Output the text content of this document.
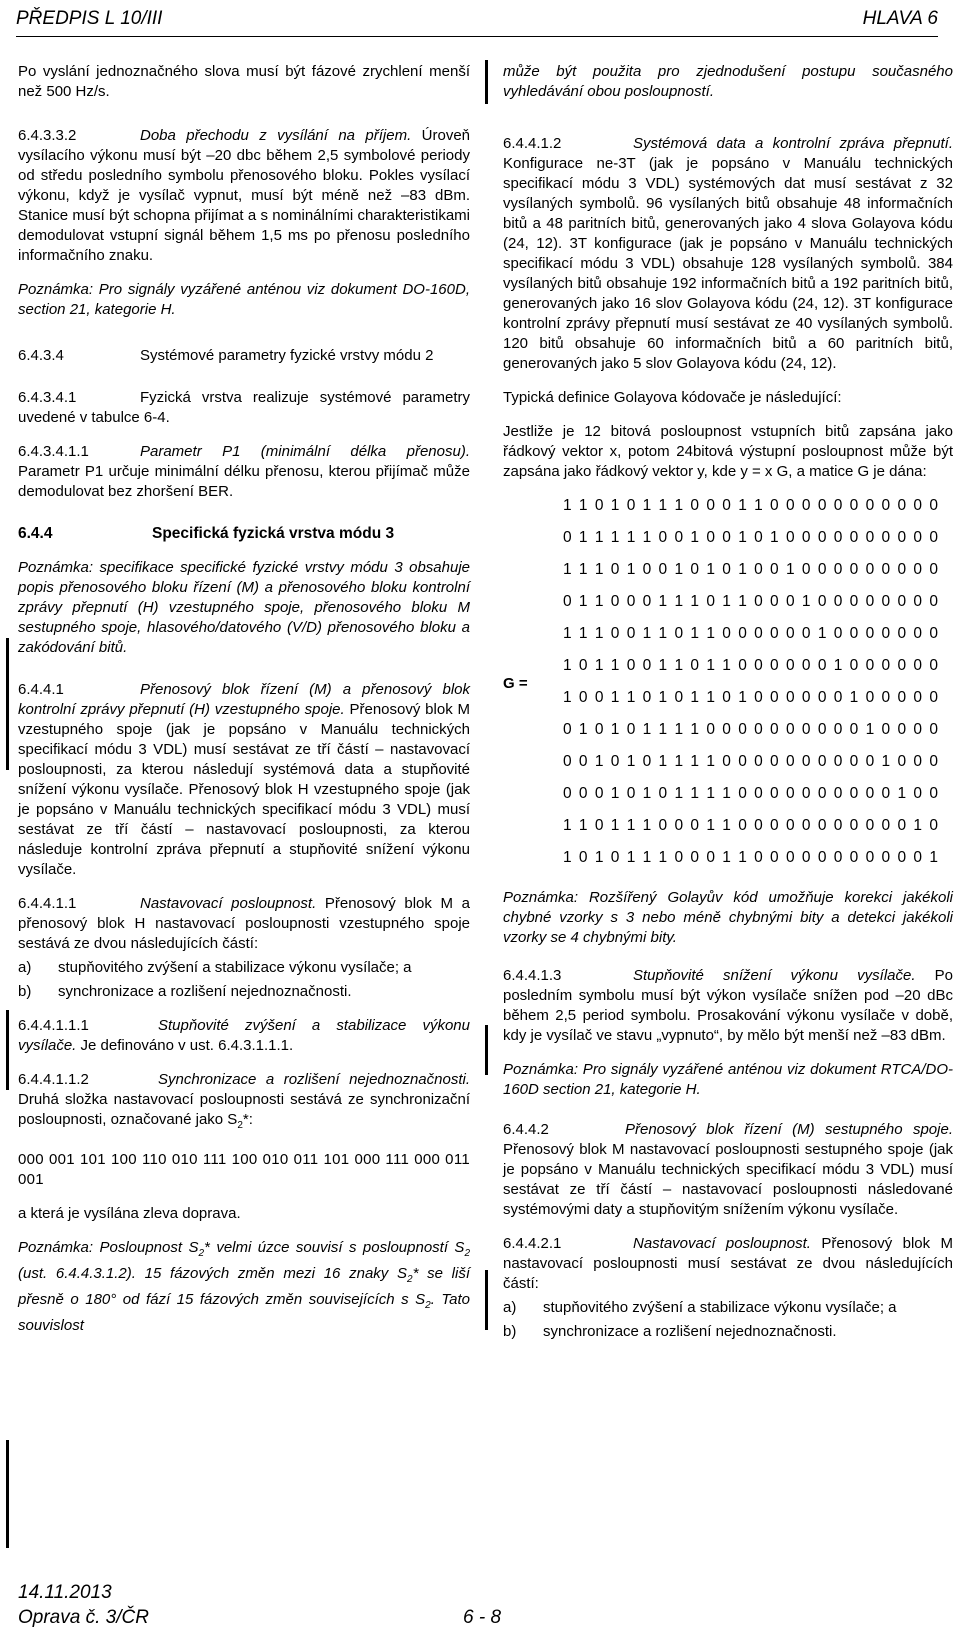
PŘEDPIS L 10/III	HLAVA 6

Po vyslání jednoznačného slova musí být fázové zrychlení menší než 500 Hz/s.

6.4.3.3.2	Doba přechodu z vysílání na příjem. Úroveň vysílacího výkonu musí být –20 dbc během 2,5 symbolové periody od středu posledního symbolu přenosového bloku. Pokles vysílací výkonu, když je vysílač vypnut, musí být méně než –83 dBm. Stanice musí být schopna přijímat a s nominálními charakteristikami demodulovat vstupní signál během 1,5 ms po přenosu posledního informačního znaku.

Poznámka: Pro signály vyzářené anténou viz dokument DO-160D, section 21, kategorie H.

6.4.3.4	Systémové parametry fyzické vrstvy módu 2

6.4.3.4.1	Fyzická vrstva realizuje systémové parametry uvedené v tabulce 6-4.

6.4.3.4.1.1	Parametr P1 (minimální délka přenosu). Parametr P1 určuje minimální délku přenosu, kterou přijímač může demodulovat bez zhoršení BER.

6.4.4	Specifická fyzická vrstva módu 3

Poznámka: specifikace specifické fyzické vrstvy módu 3 obsahuje popis přenosového bloku řízení (M) a přenosového bloku kontrolní zprávy přepnutí (H) vzestupného spoje, přenosového bloku M sestupného spoje, hlasového/datového (V/D) přenosového bloku a zakódování bitů.

6.4.4.1	Přenosový blok řízení (M) a přenosový blok kontrolní zprávy přepnutí (H) vzestupného spoje. Přenosový blok M vzestupného spoje (jak je popsáno v Manuálu technických specifikací módu 3 VDL) musí sestávat ze tří částí – nastavovací posloupnosti, za kterou následují systémová data a stupňovité snížení výkonu vysílače. Přenosový blok H vzestupného spoje (jak je popsáno v Manuálu technických specifikací módu 3 VDL) musí sestávat ze tří částí – nastavovací posloupnosti, za kterou následuje kontrolní zpráva přepnutí a stupňovité snížení výkonu vysílače.

6.4.4.1.1	Nastavovací posloupnost. Přenosový blok M a přenosový blok H nastavovací posloupnosti vzestupného spoje sestává ze dvou následujících částí:

a)	stupňovitého zvýšení a stabilizace výkonu vysílače; a
b)	synchronizace a rozlišení nejednoznačnosti.

6.4.4.1.1.1	Stupňovité zvýšení a stabilizace výkonu vysílače. Je definováno v ust. 6.4.3.1.1.1.

6.4.4.1.1.2	Synchronizace a rozlišení nejednoznačnosti. Druhá složka nastavovací posloupnosti sestává ze synchronizační posloupnosti, označované jako $S_2*$:

000 001 101 100 110 010 111 100 010 011 101 000 111 000 011 001

a která je vysílána zleva doprava.

Poznámka: Posloupnost $S_2*$ velmi úzce souvisí s posloupností $S_2$ (ust. 6.4.4.3.1.2). 15 fázových změn mezi 16 znaky $S_2*$ se liší přesně o 180° od fází 15 fázových změn souvisejících s $S_2$. Tato souvislost

může být použita pro zjednodušení postupu současného vyhledávání obou posloupností.

6.4.4.1.2	Systémová data a kontrolní zpráva přepnutí. Konfigurace ne-3T (jak je popsáno v Manuálu technických specifikací módu 3 VDL) systémových dat musí sestávat z 32 vysílaných symbolů. 96 vysílaných bitů obsahuje 48 informačních bitů a 48 paritních bitů, generovaných jako 4 slova Golayova kódu (24, 12). 3T konfigurace (jak je popsáno v Manuálu technických specifikací módu 3 VDL) obsahuje 128 vysílaných symbolů. 384 vysílaných bitů obsahuje 192 informačních bitů a 192 paritních bitů, generovaných jako 16 slov Golayova kódu (24, 12). 3T konfigurace kontrolní zprávy přepnutí musí sestávat ze 40 vysílaných symbolů. 120 bitů obsahuje 60 informačních bitů a 60 paritních bitů, generovaných jako 5 slov Golayova kódu (24, 12).

Typická definice Golayova kódovače je následující:

Jestliže je 12 bitová posloupnost vstupních bitů zapsána jako řádkový vektor x, potom 24bitová výstupní posloupnost může být zapsána jako řádkový vektor y, kde y = x G, a matice G je dána:

G =
1 1 0 1 0 1 1 1 0 0 0 1 1 0 0 0 0 0 0 0 0 0 0 0
0 1 1 1 1 1 0 0 1 0 0 1 0 1 0 0 0 0 0 0 0 0 0 0
1 1 1 0 1 0 0 1 0 1 0 1 0 0 1 0 0 0 0 0 0 0 0 0
0 1 1 0 0 0 1 1 1 0 1 1 0 0 0 1 0 0 0 0 0 0 0 0
1 1 1 0 0 1 1 0 1 1 0 0 0 0 0 0 1 0 0 0 0 0 0 0
1 0 1 1 0 0 1 1 0 1 1 0 0 0 0 0 0 1 0 0 0 0 0 0
1 0 0 1 1 0 1 0 1 1 0 1 0 0 0 0 0 0 1 0 0 0 0 0
0 1 0 1 0 1 1 1 1 0 0 0 0 0 0 0 0 0 0 1 0 0 0 0
0 0 1 0 1 0 1 1 1 1 0 0 0 0 0 0 0 0 0 0 1 0 0 0
0 0 0 1 0 1 0 1 1 1 1 0 0 0 0 0 0 0 0 0 0 1 0 0
1 1 0 1 1 1 0 0 0 1 1 0 0 0 0 0 0 0 0 0 0 0 1 0
1 0 1 0 1 1 1 0 0 0 1 1 0 0 0 0 0 0 0 0 0 0 0 1

Poznámka: Rozšířený Golayův kód umožňuje korekci jakékoli chybné vzorky s 3 nebo méně chybnými bity a detekci jakékoli vzorky se 4 chybnými bity.

6.4.4.1.3	Stupňovité snížení výkonu vysílače. Po posledním symbolu musí být výkon vysílače snížen pod –20 dBc během 2,5 period symbolu. Prosakování výkonu vysílače v době, kdy je vysílač ve stavu „vypnuto“, by mělo být menší než –83 dBm.

Poznámka: Pro signály vyzářené anténou viz dokument RTCA/DO-160D section 21, kategorie H.

6.4.4.2	Přenosový blok řízení (M) sestupného spoje. Přenosový blok M nastavovací posloupnosti sestupného spoje (jak je popsáno v Manuálu technických specifikací módu 3 VDL) musí sestávat ze tří částí – nastavovací posloupnosti následované systémovými daty a stupňovitým snížením výkonu vysílače.

6.4.4.2.1	Nastavovací posloupnost. Přenosový blok M nastavovací posloupnosti musí sestávat ze dvou následujících částí:

a)	stupňovitého zvýšení a stabilizace výkonu vysílače; a
b)	synchronizace a rozlišení nejednoznačnosti.
14.11.2013
Oprava č. 3/ČR	6 - 8
